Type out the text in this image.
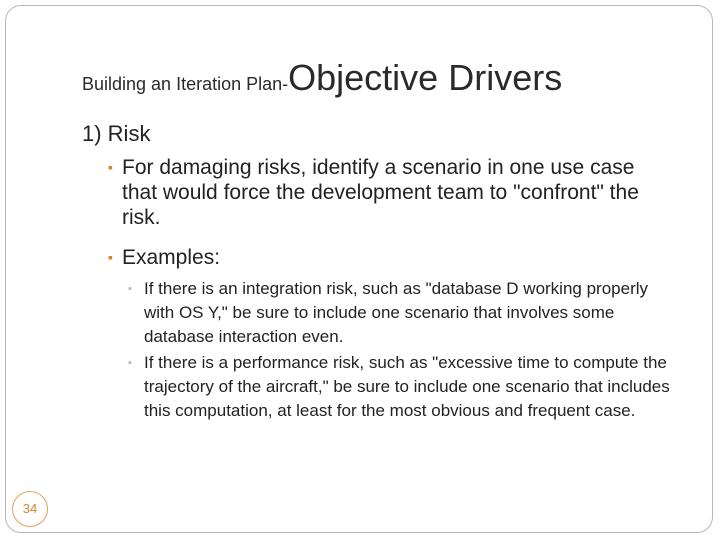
Building an Iteration Plan-Objective Drivers
1) Risk
▪ For damaging risks, identify a scenario in one use case that would force the development team to "confront" the risk.
▪ Examples:
▪ If there is an integration risk, such as "database D working properly with OS Y," be sure to include one scenario that involves some database interaction even.
▪ If there is a performance risk, such as "excessive time to compute the trajectory of the aircraft," be sure to include one scenario that includes this computation, at least for the most obvious and frequent case.
34
